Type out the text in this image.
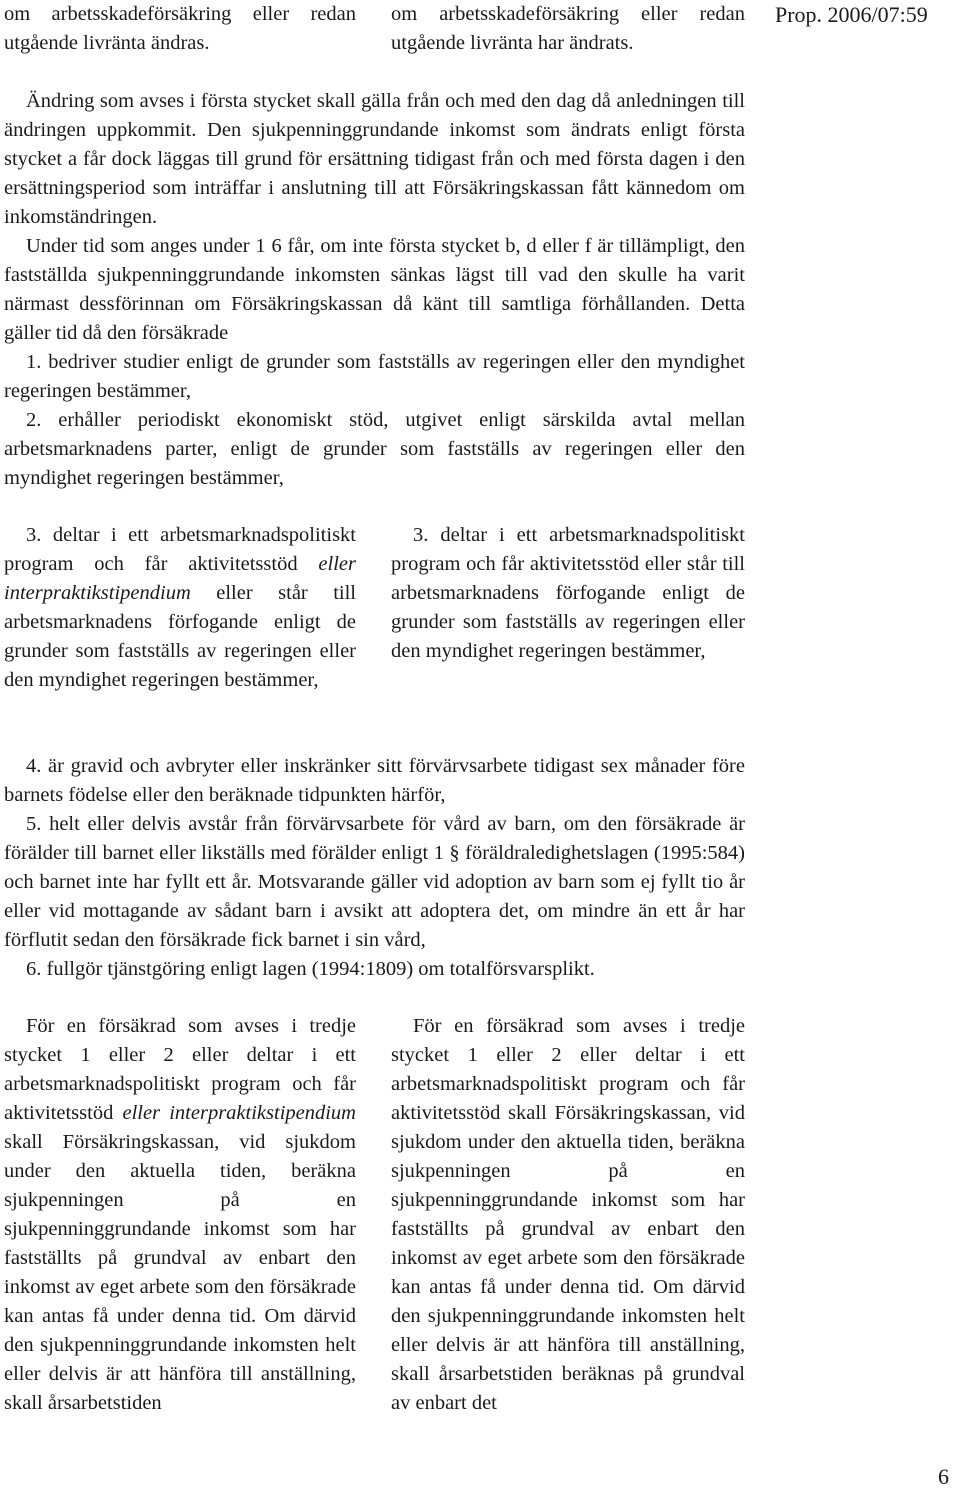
Prop. 2006/07:59

om arbetsskadeförsäkring eller redan utgående livränta ändras.

om arbetsskadeförsäkring eller redan utgående livränta har ändrats.

Ändring som avses i första stycket skall gälla från och med den dag då anledningen till ändringen uppkommit. Den sjukpenninggrundande inkomst som ändrats enligt första stycket a får dock läggas till grund för ersättning tidigast från och med första dagen i den ersättningsperiod som inträffar i anslutning till att Försäkringskassan fått kännedom om inkomständringen.

Under tid som anges under 1 6 får, om inte första stycket b, d eller f är tillämpligt, den fastställda sjukpenninggrundande inkomsten sänkas lägst till vad den skulle ha varit närmast dessförinnan om Försäkringskassan då känt till samtliga förhållanden. Detta gäller tid då den försäkrade

1. bedriver studier enligt de grunder som fastställs av regeringen eller den myndighet regeringen bestämmer,

2. erhåller periodiskt ekonomiskt stöd, utgivet enligt särskilda avtal mellan arbetsmarknadens parter, enligt de grunder som fastställs av regeringen eller den myndighet regeringen bestämmer,

3. deltar i ett arbetsmarknadspolitiskt program och får aktivitetsstöd eller interpraktikstipendium eller står till arbetsmarknadens förfogande enligt de grunder som fastställs av regeringen eller den myndighet regeringen bestämmer,

3. deltar i ett arbetsmarknadspolitiskt program och får aktivitetsstöd eller står till arbetsmarknadens förfogande enligt de grunder som fastställs av regeringen eller den myndighet regeringen bestämmer,

4. är gravid och avbryter eller inskränker sitt förvärvsarbete tidigast sex månader före barnets födelse eller den beräknade tidpunkten härför,

5. helt eller delvis avstår från förvärvsarbete för vård av barn, om den försäkrade är förälder till barnet eller likställs med förälder enligt 1 § föräldraledighetslagen (1995:584) och barnet inte har fyllt ett år. Motsvarande gäller vid adoption av barn som ej fyllt tio år eller vid mottagande av sådant barn i avsikt att adoptera det, om mindre än ett år har förflutit sedan den försäkrade fick barnet i sin vård,

6. fullgör tjänstgöring enligt lagen (1994:1809) om totalförsvarsplikt.

För en försäkrad som avses i tredje stycket 1 eller 2 eller deltar i ett arbetsmarknadspolitiskt program och får aktivitetsstöd eller interpraktikstipendium skall Försäkringskassan, vid sjukdom under den aktuella tiden, beräkna sjukpenningen på en sjukpenninggrundande inkomst som har fastställts på grundval av enbart den inkomst av eget arbete som den försäkrade kan antas få under denna tid. Om därvid den sjukpenninggrundande inkomsten helt eller delvis är att hänföra till anställning, skall årsarbetstiden

För en försäkrad som avses i tredje stycket 1 eller 2 eller deltar i ett arbetsmarknadspolitiskt program och får aktivitetsstöd skall Försäkringskassan, vid sjukdom under den aktuella tiden, beräkna sjukpenningen på en sjukpenninggrundande inkomst som har fastställts på grundval av enbart den inkomst av eget arbete som den försäkrade kan antas få under denna tid. Om därvid den sjukpenninggrundande inkomsten helt eller delvis är att hänföra till anställning, skall årsarbetstiden beräknas på grundval av enbart det

6
